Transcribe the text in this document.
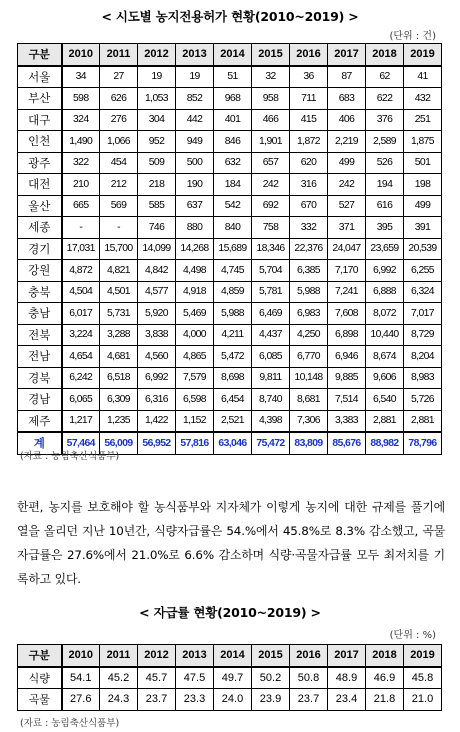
< 시도별 농지전용허가 현황(2010~2019) >
(단위 : 건)
구분	2010	2011	2012	2013	2014	2015	2016	2017	2018	2019
서울	34	27	19	19	51	32	36	87	62	41
부산	598	626	1,053	852	968	958	711	683	622	432
대구	324	276	304	442	401	466	415	406	376	251
인천	1,490	1,066	952	949	846	1,901	1,872	2,219	2,589	1,875
광주	322	454	509	500	632	657	620	499	526	501
대전	210	212	218	190	184	242	316	242	194	198
울산	665	569	585	637	542	692	670	527	616	499
세종	-	-	746	880	840	758	332	371	395	391
경기	17,031	15,700	14,099	14,268	15,689	18,346	22,376	24,047	23,659	20,539
강원	4,872	4,821	4,842	4,498	4,745	5,704	6,385	7,170	6,992	6,255
충북	4,504	4,501	4,577	4,918	4,859	5,781	5,988	7,241	6,888	6,324
충남	6,017	5,731	5,920	5,469	5,988	6,469	6,983	7,608	8,072	7,017
전북	3,224	3,288	3,838	4,000	4,211	4,437	4,250	6,898	10,440	8,729
전남	4,654	4,681	4,560	4,865	5,472	6,085	6,770	6,946	8,674	8,204
경북	6,242	6,518	6,992	7,579	8,698	9,811	10,148	9,885	9,606	8,983
경남	6,065	6,309	6,316	6,598	6,454	8,740	8,681	7,514	6,540	5,726
제주	1,217	1,235	1,422	1,152	2,521	4,398	7,306	3,383	2,881	2,881
계	57,464	56,009	56,952	57,816	63,046	75,472	83,809	85,676	88,982	78,796
(자료 : 농림축산식품부)
한편, 농지를 보호해야 할 농식품부와 지자체가 이렇게 농지에 대한 규제를 풀기에 열을 올리던 지난 10년간, 식량자급률은 54.%에서 45.8%로 8.3% 감소했고, 곡물자급률은 27.6%에서 21.0%로 6.6% 감소하며 식량·곡물자급률 모두 최저치를 기록하고 있다.
< 자급률 현황(2010~2019) >
(단위 : %)
구분	2010	2011	2012	2013	2014	2015	2016	2017	2018	2019
식량	54.1	45.2	45.7	47.5	49.7	50.2	50.8	48.9	46.9	45.8
곡물	27.6	24.3	23.7	23.3	24.0	23.9	23.7	23.4	21.8	21.0
(자료 : 농림축산식품부)
